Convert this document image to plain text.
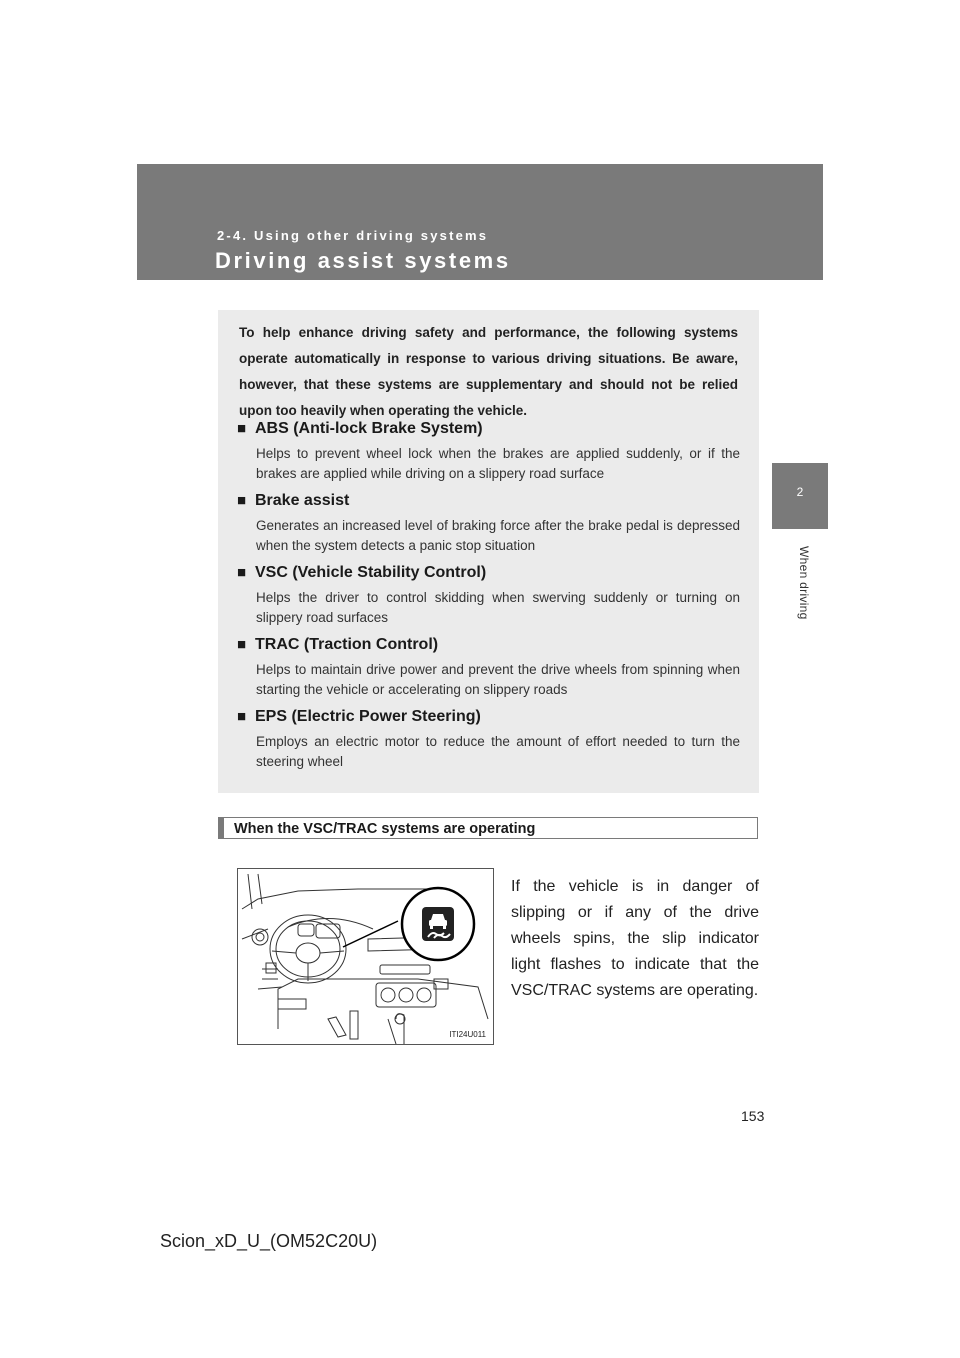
2-4. Using other driving systems
Driving assist systems
2
When driving
To help enhance driving safety and performance, the following systems operate automatically in response to various driving situations. Be aware, however, that these systems are supplementary and should not be relied upon too heavily when operating the vehicle.
■ ABS (Anti-lock Brake System)
Helps to prevent wheel lock when the brakes are applied suddenly, or if the brakes are applied while driving on a slippery road surface
■ Brake assist
Generates an increased level of braking force after the brake pedal is depressed when the system detects a panic stop situation
■ VSC (Vehicle Stability Control)
Helps the driver to control skidding when swerving suddenly or turning on slippery road surfaces
■ TRAC (Traction Control)
Helps to maintain drive power and prevent the drive wheels from spinning when starting the vehicle or accelerating on slippery roads
■ EPS (Electric Power Steering)
Employs an electric motor to reduce the amount of effort needed to turn the steering wheel
When the VSC/TRAC systems are operating
ITI24U011
If the vehicle is in danger of slipping or if any of the drive wheels spins, the slip indicator light flashes to indicate that the VSC/TRAC systems are operating.
153
Scion_xD_U_(OM52C20U)
